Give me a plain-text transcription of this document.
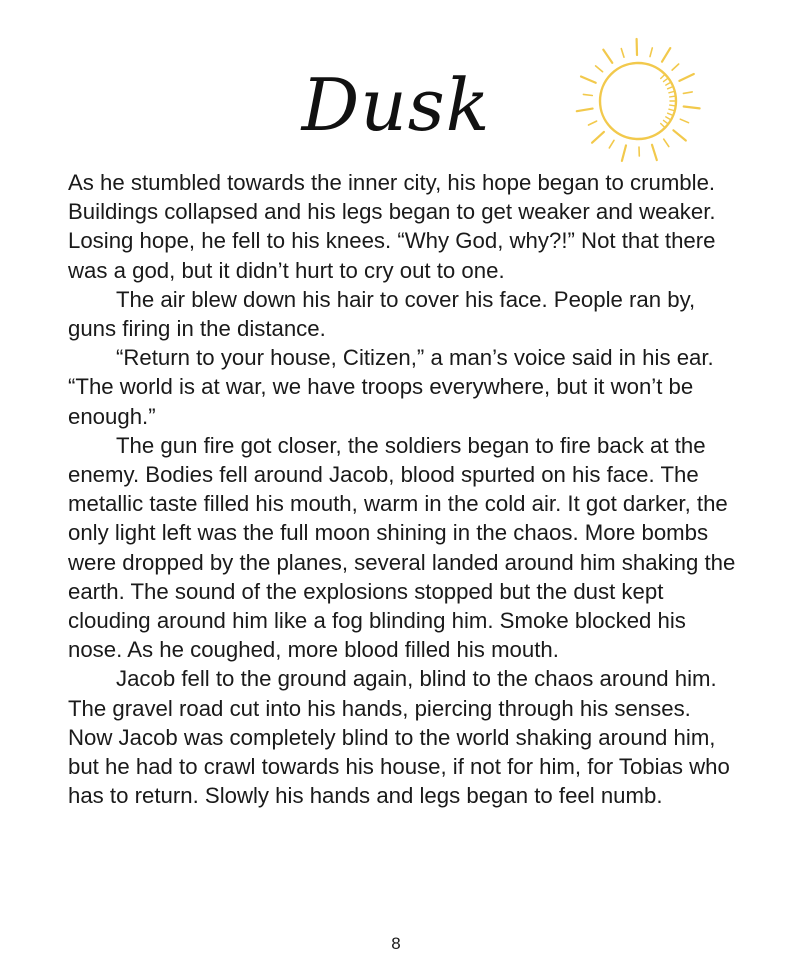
Dusk

As he stumbled towards the inner city, his hope began to crumble. Buildings collapsed and his legs began to get weaker and weaker. Losing hope, he fell to his knees. “Why God, why?!” Not that there was a god, but it didn’t hurt to cry out to one.

The air blew down his hair to cover his face. People ran by, guns firing in the distance.

“Return to your house, Citizen,” a man’s voice said in his ear. “The world is at war, we have troops everywhere, but it won’t be enough.”

The gun fire got closer, the soldiers began to fire back at the enemy. Bodies fell around Jacob, blood spurted on his face. The metallic taste filled his mouth, warm in the cold air. It got darker, the only light left was the full moon shining in the chaos. More bombs were dropped by the planes, several landed around him shaking the earth. The sound of the explosions stopped but the dust kept clouding around him like a fog blinding him. Smoke blocked his nose. As he coughed, more blood filled his mouth.

Jacob fell to the ground again, blind to the chaos around him. The gravel road cut into his hands, piercing through his senses. Now Jacob was completely blind to the world shaking around him, but he had to crawl towards his house, if not for him, for Tobias who has to return. Slowly his hands and legs began to feel numb.

8
